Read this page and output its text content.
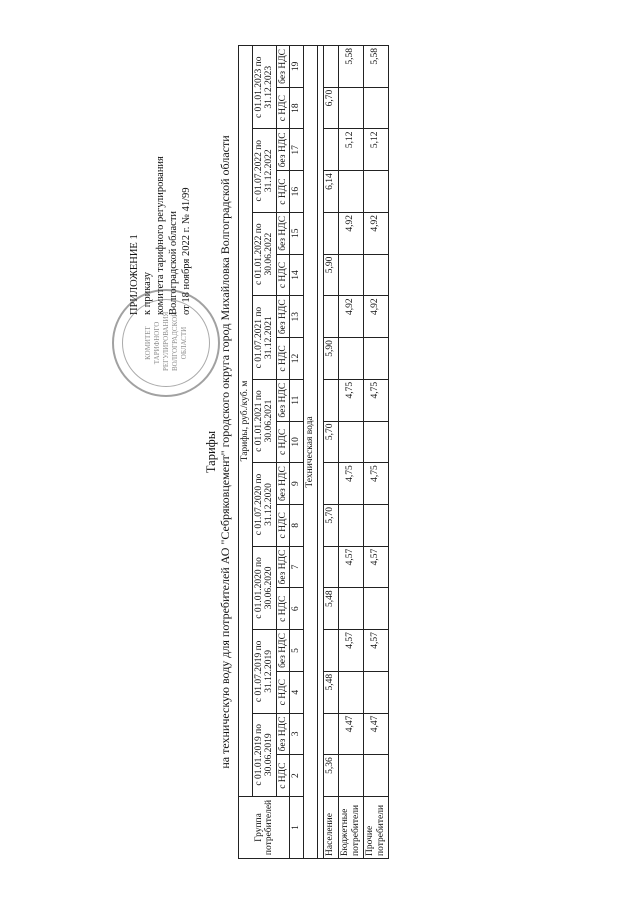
КОМИТЕТ ТАРИФНОГО РЕГУЛИРОВАНИЯ ВОЛГОГРАДСКОЙ ОБЛАСТИ
ПРИЛОЖЕНИЕ 1 к приказу комитета тарифного регулирования Волгоградской области от 18 ноября 2022 г. № 41/99
Тарифы на техническую воду для потребителей АО "Себряковцемент" городского округа город Михайловка Волгоградской области
Группа потребителей	Тарифы, руб./куб. м																	
	с 01.01.2019 по 30.06.2019		с 01.07.2019 по 31.12.2019		с 01.01.2020 по 30.06.2020		с 01.07.2020 по 31.12.2020		с 01.01.2021 по 30.06.2021		с 01.07.2021 по 31.12.2021		с 01.01.2022 по 30.06.2022		с 01.07.2022 по 31.12.2022		с 01.01.2023 по 31.12.2023	
	с НДС	без НДС	с НДС	без НДС	с НДС	без НДС	с НДС	без НДС	с НДС	без НДС	с НДС	без НДС	с НДС	без НДС	с НДС	без НДС	с НДС	без НДС
1	2	3	4	5	6	7	8	9	10	11	12	13	14	15	16	17	18	19
Техническая вода																		

Население	5,36		5,48		5,48		5,70		5,70		5,90		5,90		6,14		6,70	
Бюджетные потребители		4,47		4,57		4,57		4,75		4,75		4,92		4,92		5,12		5,58
Прочие потребители		4,47		4,57		4,57		4,75		4,75		4,92		4,92		5,12		5,58
